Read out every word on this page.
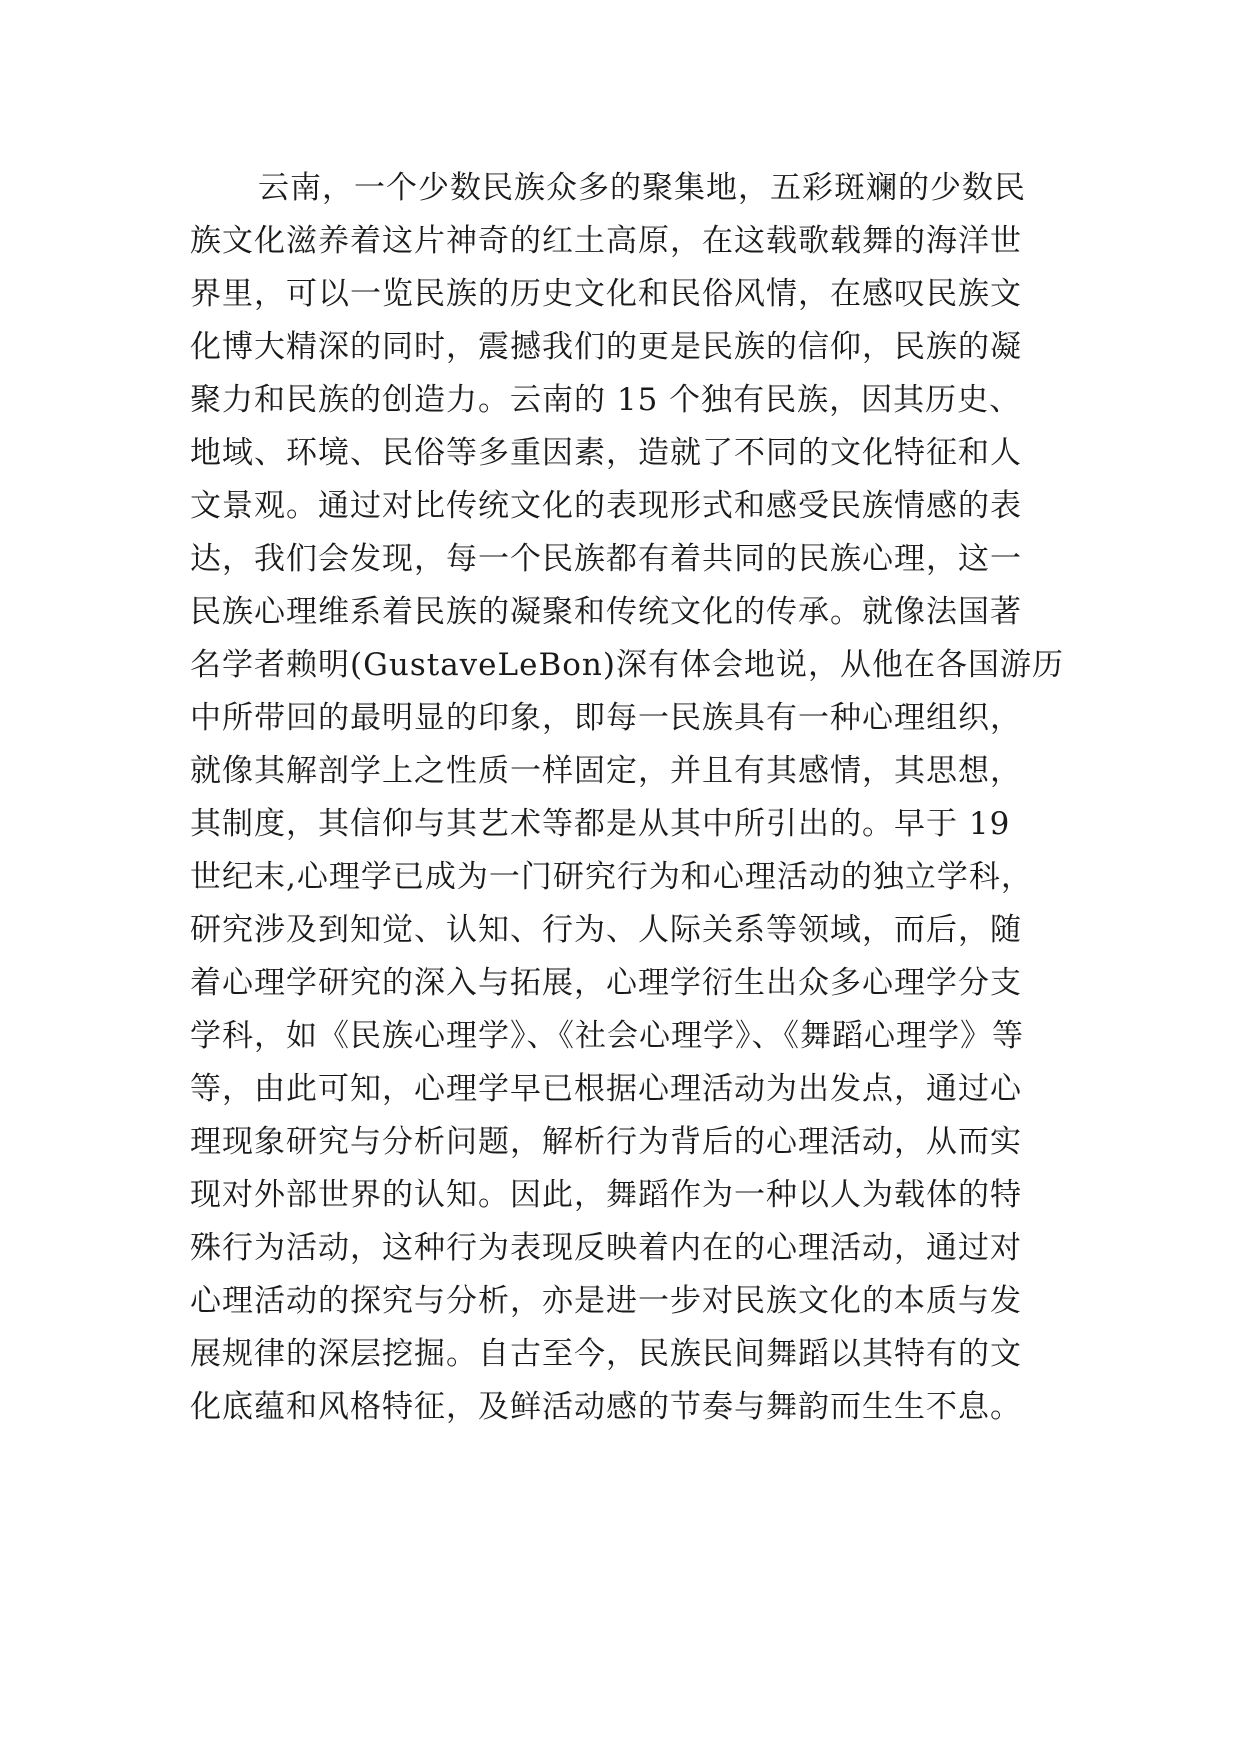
云南，一个少数民族众多的聚集地，五彩斑斓的少数民
族文化滋养着这片神奇的红土高原，在这载歌载舞的海洋世
界里，可以一览民族的历史文化和民俗风情，在感叹民族文
化博大精深的同时，震撼我们的更是民族的信仰，民族的凝
聚力和民族的创造力。云南的 15 个独有民族，因其历史、
地域、环境、民俗等多重因素，造就了不同的文化特征和人
文景观。通过对比传统文化的表现形式和感受民族情感的表
达，我们会发现，每一个民族都有着共同的民族心理，这一
民族心理维系着民族的凝聚和传统文化的传承。就像法国著
名学者赖明(GustaveLeBon)深有体会地说，从他在各国游历
中所带回的最明显的印象，即每一民族具有一种心理组织，
就像其解剖学上之性质一样固定，并且有其感情，其思想，
其制度，其信仰与其艺术等都是从其中所引出的。早于 19
世纪末,心理学已成为一门研究行为和心理活动的独立学科，
研究涉及到知觉、认知、行为、人际关系等领域，而后，随
着心理学研究的深入与拓展，心理学衍生出众多心理学分支
学科，如《民族心理学》、《社会心理学》、《舞蹈心理学》等
等，由此可知，心理学早已根据心理活动为出发点，通过心
理现象研究与分析问题，解析行为背后的心理活动，从而实
现对外部世界的认知。因此，舞蹈作为一种以人为载体的特
殊行为活动，这种行为表现反映着内在的心理活动，通过对
心理活动的探究与分析，亦是进一步对民族文化的本质与发
展规律的深层挖掘。自古至今，民族民间舞蹈以其特有的文
化底蕴和风格特征，及鲜活动感的节奏与舞韵而生生不息。
